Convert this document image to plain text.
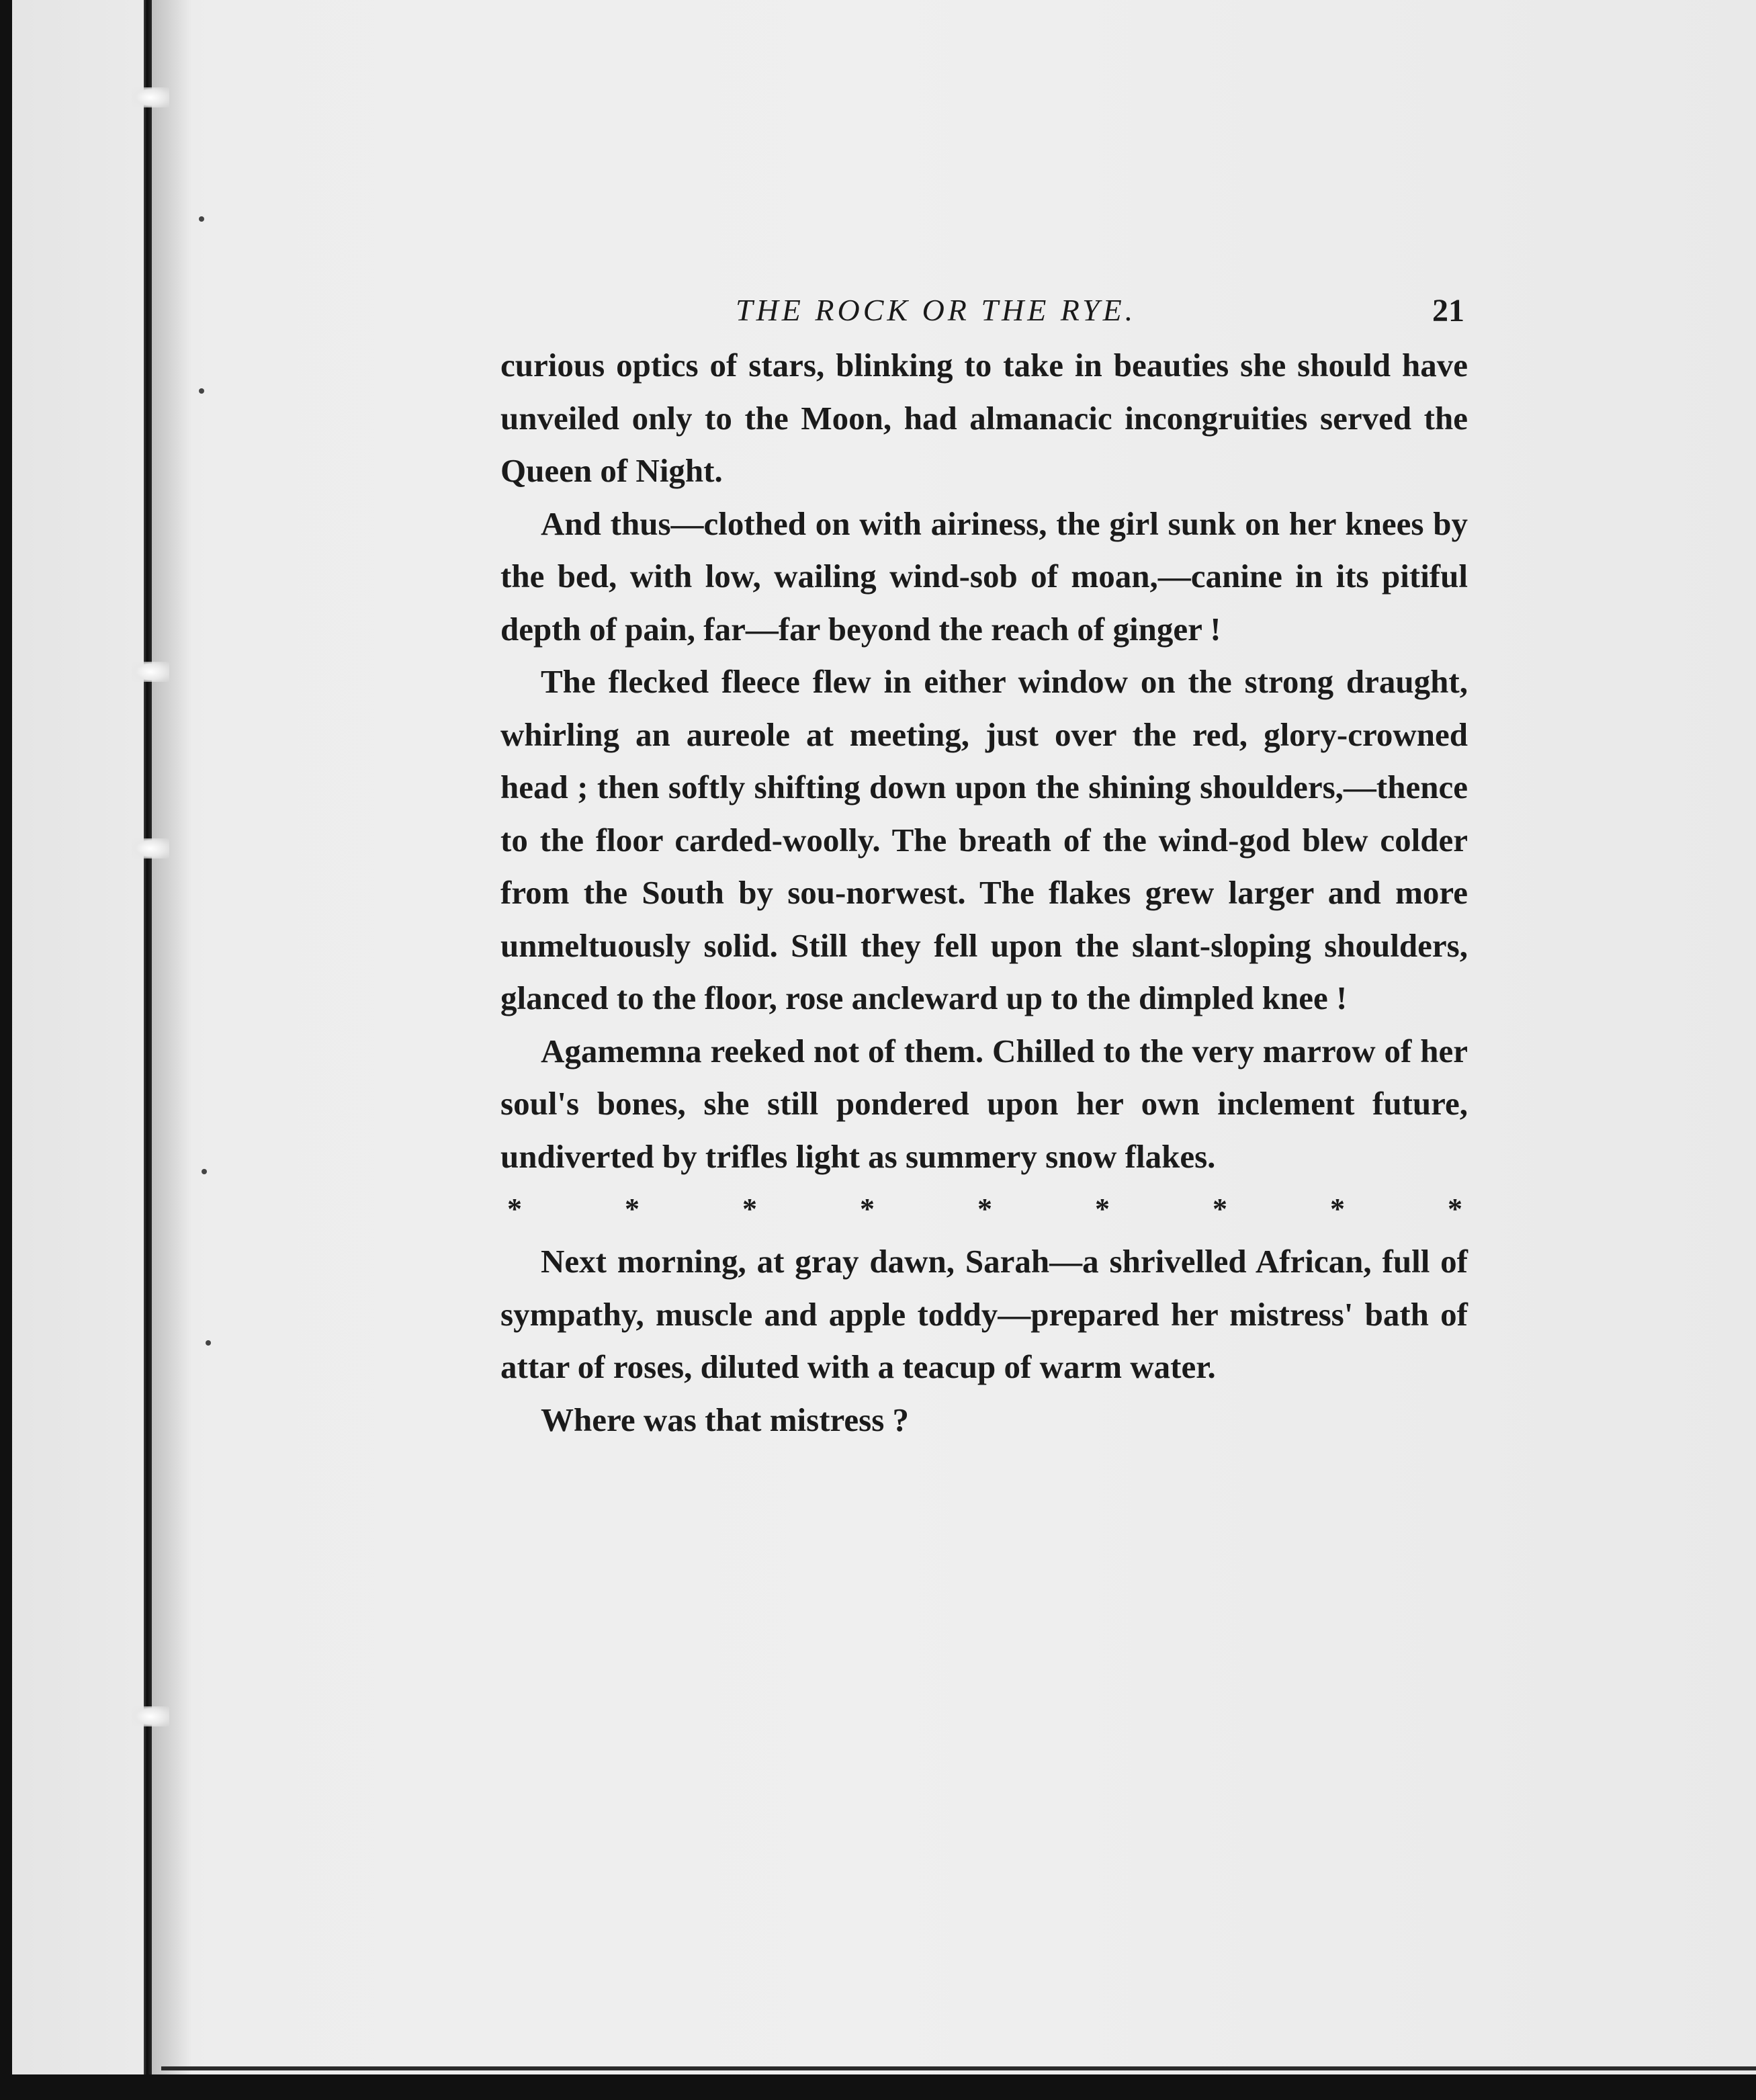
THE ROCK OR THE RYE.	21

curious optics of stars, blinking to take in beauties she should have unveiled only to the Moon, had almanacic incongruities served the Queen of Night.

And thus—clothed on with airiness, the girl sunk on her knees by the bed, with low, wailing wind-sob of moan,—canine in its pitiful depth of pain, far—far beyond the reach of ginger !

The flecked fleece flew in either window on the strong draught, whirling an aureole at meeting, just over the red, glory-crowned head ; then softly shifting down upon the shining shoulders,—thence to the floor carded-woolly. The breath of the wind-god blew colder from the South by sou-norwest. The flakes grew larger and more unmeltuously solid. Still they fell upon the slant-sloping shoulders, glanced to the floor, rose ancleward up to the dimpled knee !

Agamemna reeked not of them. Chilled to the very marrow of her soul's bones, she still pondered upon her own inclement future, undiverted by trifles light as summery snow flakes.

*	*	*	*	*	*	*	*	*

Next morning, at gray dawn, Sarah—a shrivelled African, full of sympathy, muscle and apple toddy—prepared her mistress' bath of attar of roses, diluted with a teacup of warm water.

Where was that mistress ?
